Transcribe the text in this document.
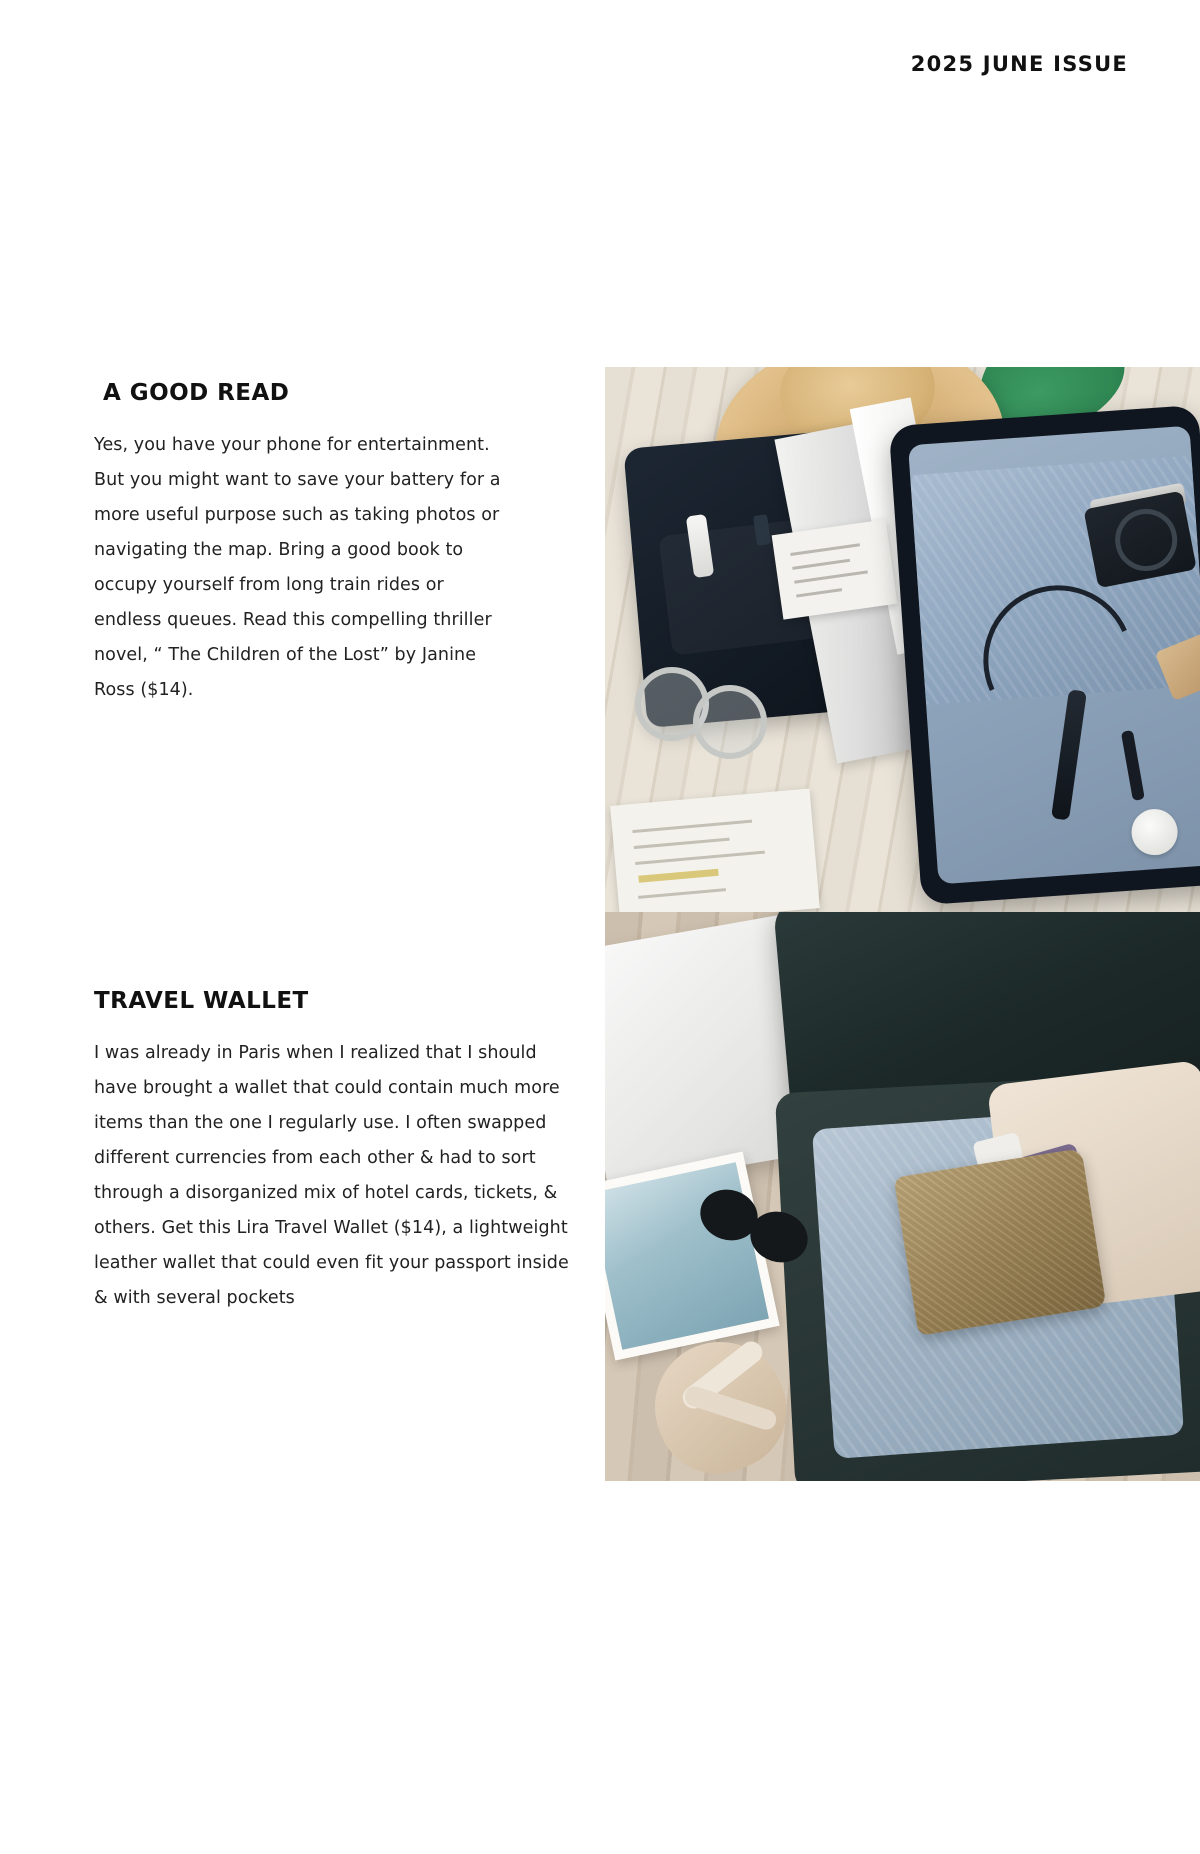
2025 JUNE ISSUE
A GOOD READ

Yes, you have your phone for entertainment. But you might want to save your battery for a more useful purpose such as taking photos or navigating the map. Bring a good book to occupy yourself from long train rides or endless queues. Read this compelling thriller novel, “ The Children of the Lost” by Janine Ross ($14).

TRAVEL WALLET

I was already in Paris when I realized that I should have brought a wallet that could contain much more items than the one I regularly use. I often swapped different currencies from each other & had to sort through a disorganized mix of hotel cards, tickets, & others. Get this Lira Travel Wallet ($14), a lightweight leather wallet that could even fit your passport inside & with several pockets
